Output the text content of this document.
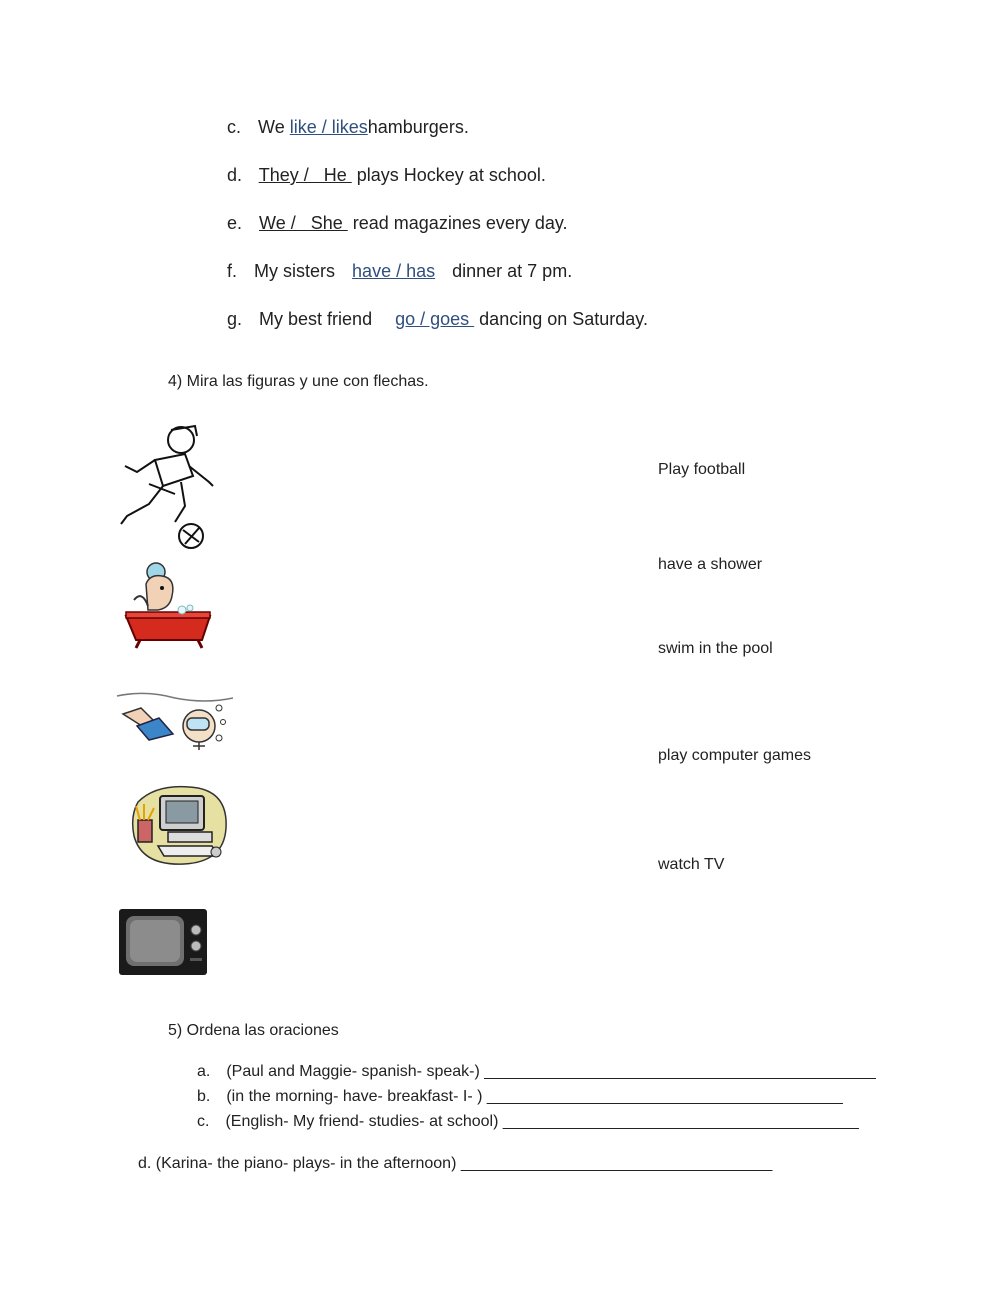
c. We like / likeshamburgers.
d. They /   He  plays Hockey at school.
e. We /   She  read magazines every day.
f. My sisters have / has dinner at 7 pm.
g. My best friend go / goes  dancing on Saturday.
4) Mira las figuras y une con flechas.
Play football
have a shower
swim in the pool
play computer games
watch TV
5) Ordena las oraciones
a. (Paul and Maggie- spanish- speak-) ____________________________________________
b. (in the morning- have- breakfast- I- ) ________________________________________
c. (English- My friend- studies- at school) ________________________________________
d. (Karina- the piano- plays- in the afternoon) ___________________________________
